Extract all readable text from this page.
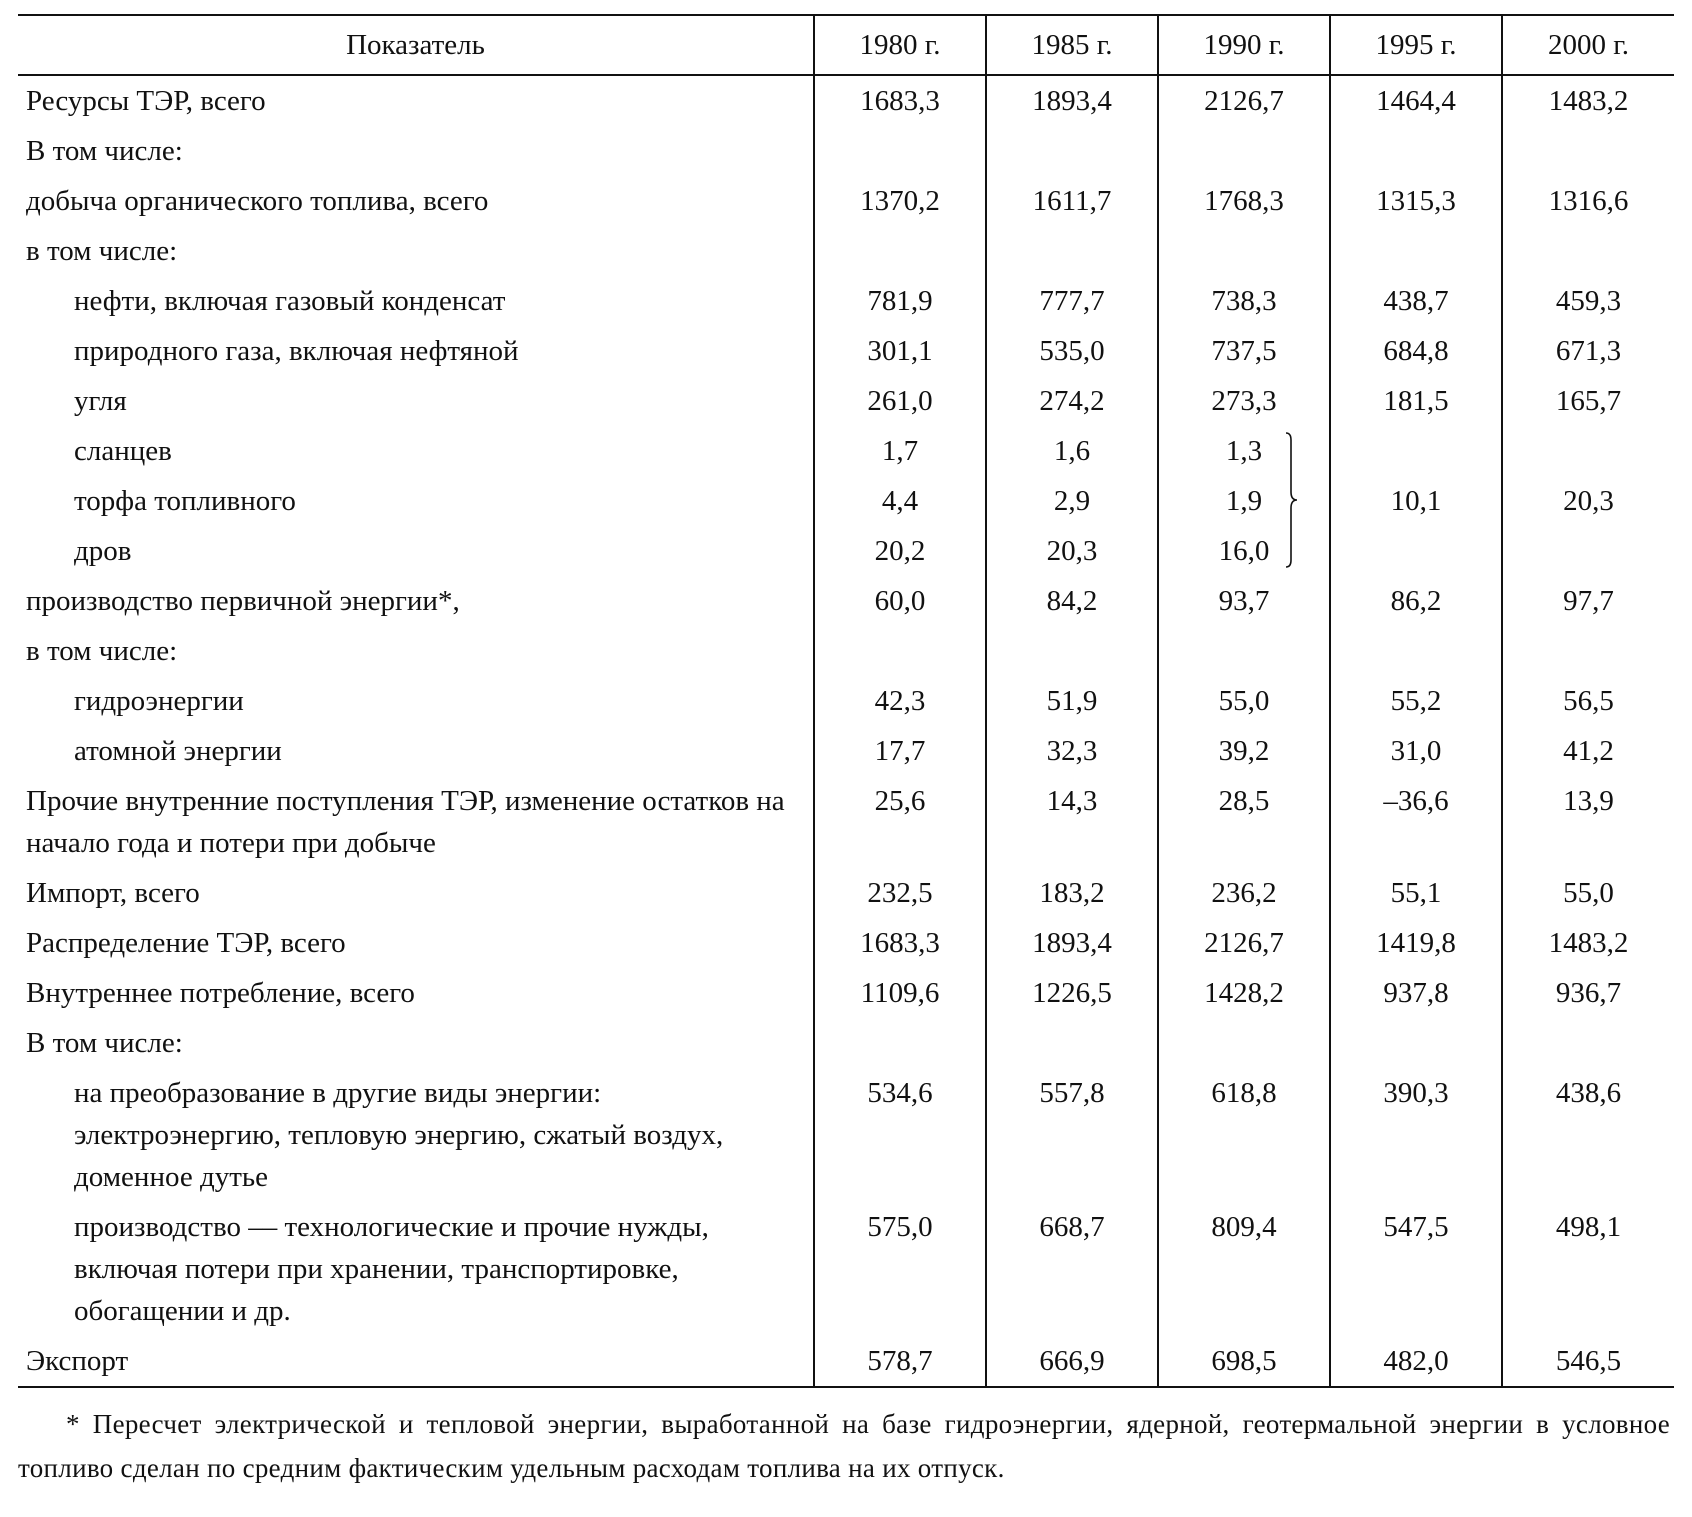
Показатель	1980 г.	1985 г.	1990 г.	1995 г.	2000 г.
Ресурсы ТЭР, всего	1683,3	1893,4	2126,7	1464,4	1483,2
В том числе:					
добыча органического топлива, всего	1370,2	1611,7	1768,3	1315,3	1316,6
в том числе:					
нефти, включая газовый конденсат	781,9	777,7	738,3	438,7	459,3
природного газа, включая нефтяной	301,1	535,0	737,5	684,8	671,3
угля	261,0	274,2	273,3	181,5	165,7
сланцев	1,7	1,6	1,3

торфа топливного	4,4	2,9	1,9	10,1	20,3
дров	20,2	20,3	16,0		
производство первичной энергии*,	60,0	84,2	93,7	86,2	97,7
в том числе:					
гидроэнергии	42,3	51,9	55,0	55,2	56,5
атомной энергии	17,7	32,3	39,2	31,0	41,2
Прочие внутренние поступления ТЭР, изменение остатков на начало года и потери при добыче	25,6	14,3	28,5	–36,6	13,9
Импорт, всего	232,5	183,2	236,2	55,1	55,0
Распределение ТЭР, всего	1683,3	1893,4	2126,7	1419,8	1483,2
Внутреннее потребление, всего	1109,6	1226,5	1428,2	937,8	936,7
В том числе:					
на преобразование в другие виды энергии: электроэнергию, тепловую энергию, сжатый воздух, доменное дутье	534,6	557,8	618,8	390,3	438,6
производство –– технологические и прочие нужды, включая потери при хранении, транспортировке, обогащении и др.	575,0	668,7	809,4	547,5	498,1
Экспорт	578,7	666,9	698,5	482,0	546,5

* Пересчет электрической и тепловой энергии, выработанной на базе гидроэнергии, ядерной, геотермальной энергии в условное топливо сделан по средним фактическим удельным расходам топлива на их отпуск.
